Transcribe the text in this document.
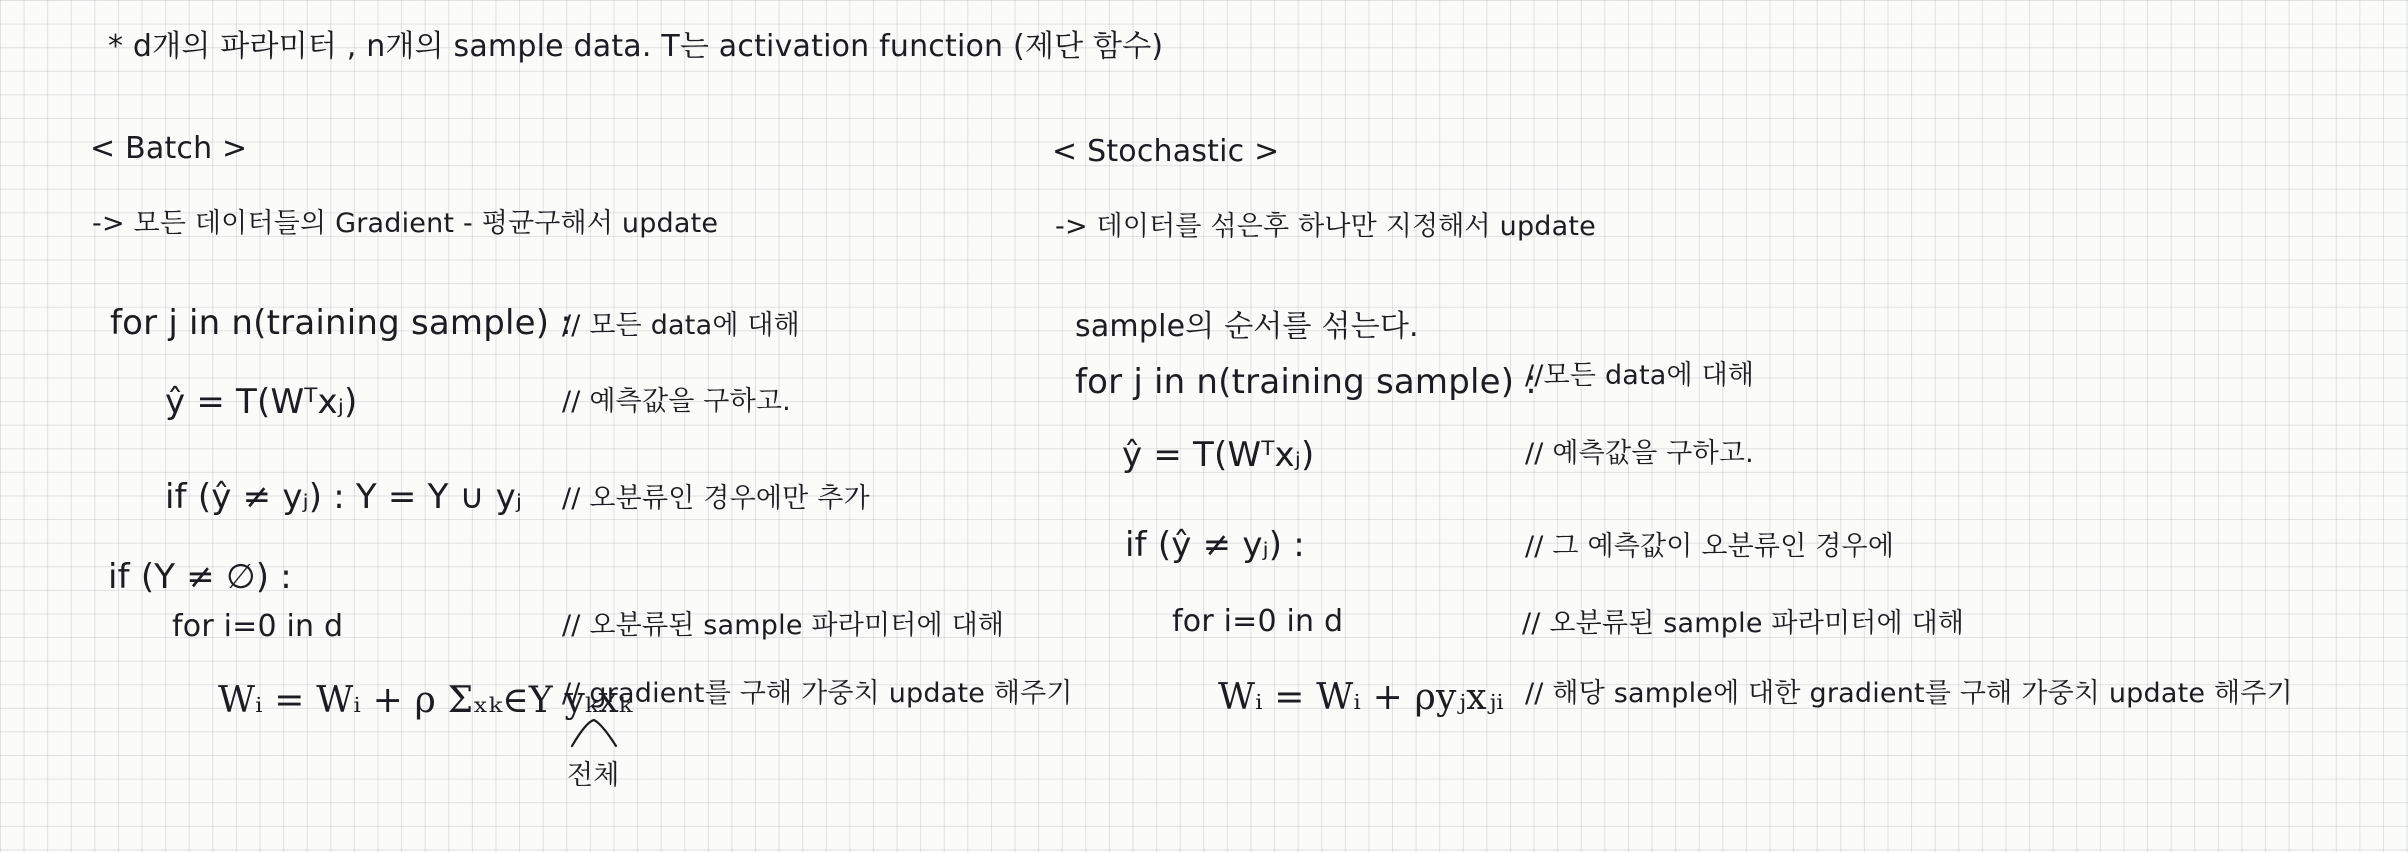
* d개의 파라미터 , n개의 sample data. T는 activation function (제단 함수)
< Batch >
-> 모든 데이터들의 Gradient - 평균구해서 update
for j in n(training sample) :
// 모든 data에 대해
ŷ = T(Wᵀxⱼ)	// 예측값을 구하고.
if (ŷ ≠ yⱼ) : Y = Y ∪ yⱼ // 오분류인 경우에만 추가
if (Y ≠ ∅) :
for i=0 in d	// 오분류된 sample 파라미터에 대해
Wᵢ = Wᵢ + ρ Σₓₖ∈Y yₖxₖ
// gradient를 구해 가중치 update 해주기
전체
< Stochastic >
-> 데이터를 섞은후 하나만 지정해서 update
sample의 순서를 섞는다.
for j in n(training sample) :
//모든 data에 대해
ŷ = T(Wᵀxⱼ)	// 예측값을 구하고.
if (ŷ ≠ yⱼ) :	// 그 예측값이 오분류인 경우에
for i=0 in d	// 오분류된 sample 파라미터에 대해
Wᵢ = Wᵢ + ρyⱼxⱼᵢ // 해당 sample에 대한 gradient를 구해 가중치 update 해주기
